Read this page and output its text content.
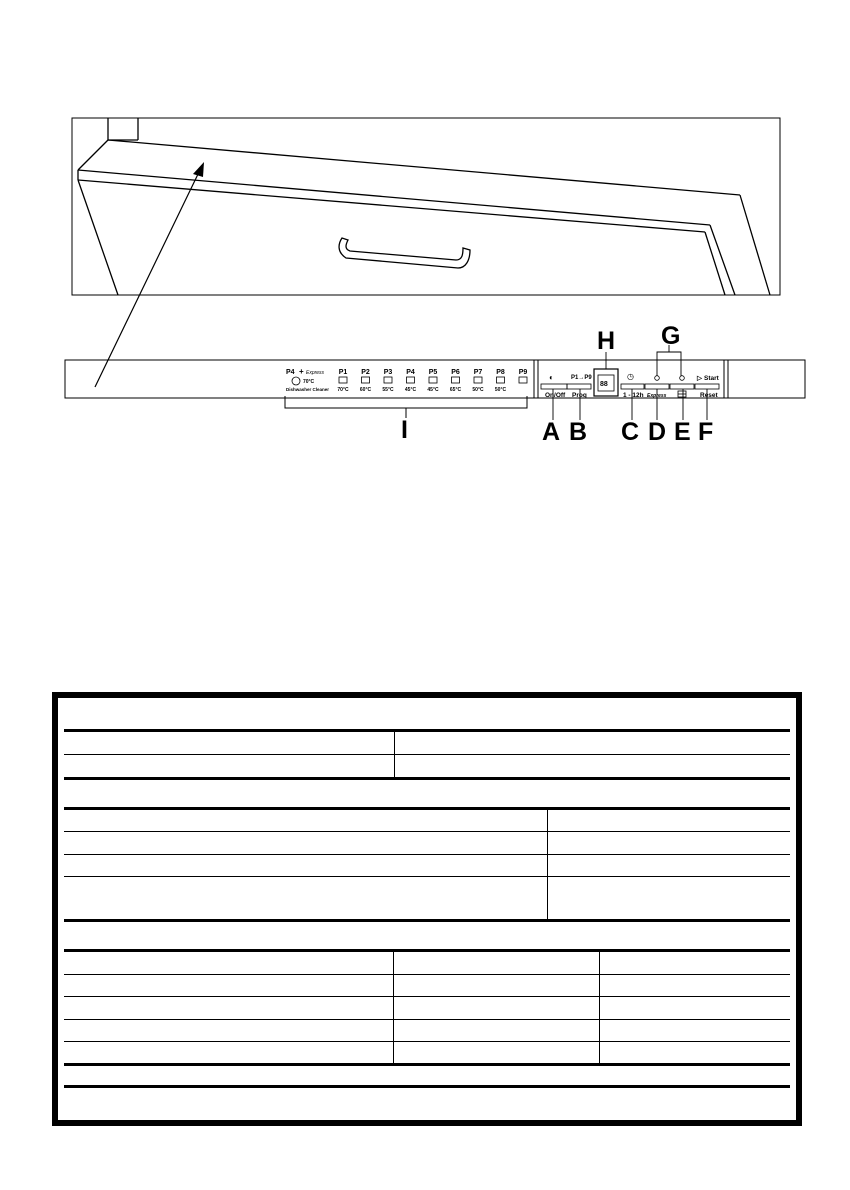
P4 + Express
70°C
Dishwasher Cleaner
P1
70°C
P2
60°C
P3
55°C
P4
45°C
P5
45°C
P6
65°C
P7
50°C
P8
50°C
P9
◐
On/Off
P1→P9
Prog
88
◷
1 - 12h Express
▷ Start
Reset
A B C D E F
G
H
I
